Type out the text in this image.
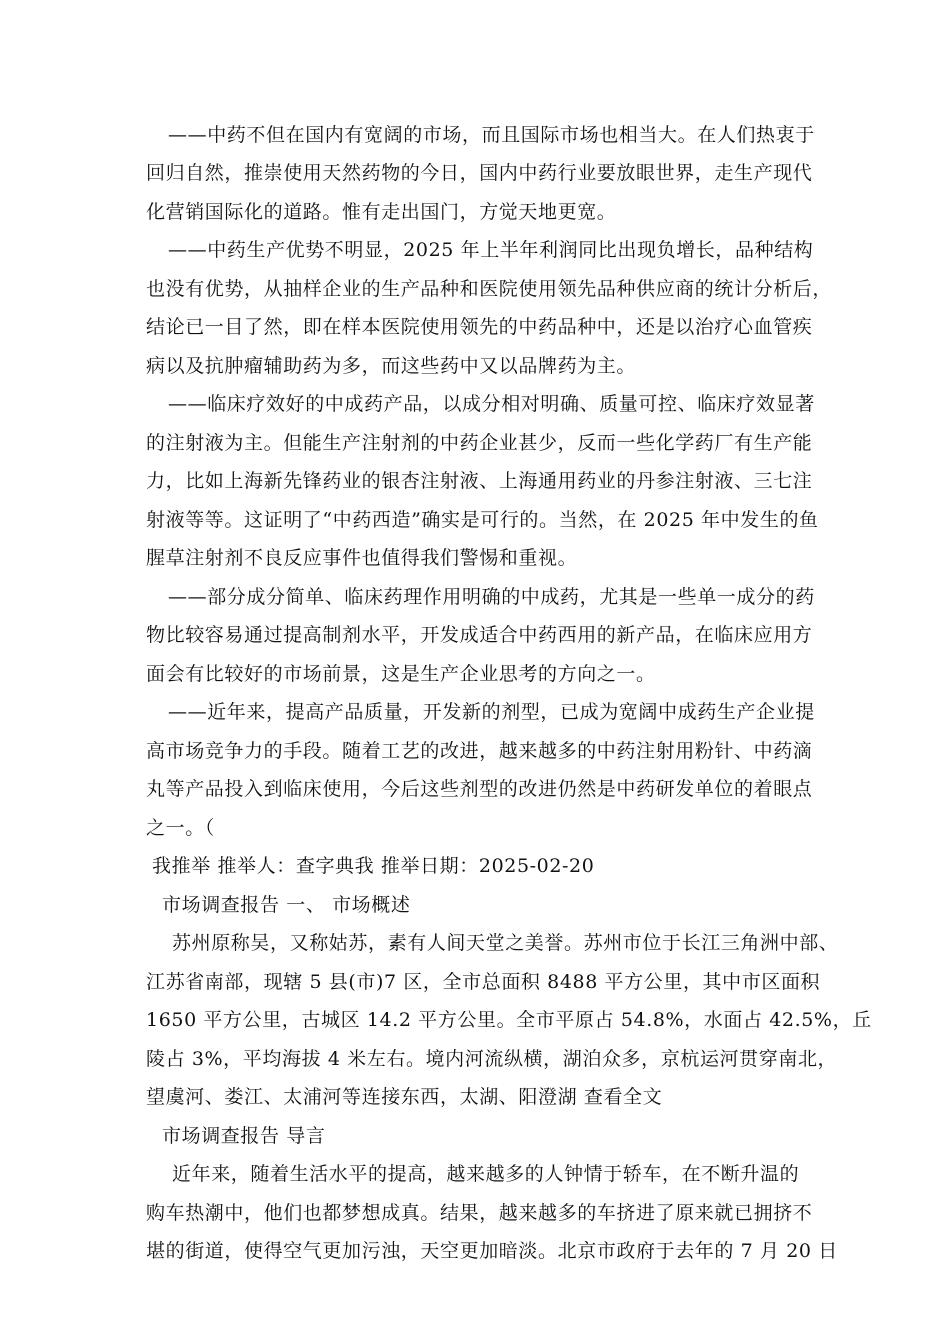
——中药不但在国内有宽阔的市场，而且国际市场也相当大。在人们热衷于
回归自然，推崇使用天然药物的今日，国内中药行业要放眼世界，走生产现代
化营销国际化的道路。惟有走出国门，方觉天地更宽。
——中药生产优势不明显，2025 年上半年利润同比出现负增长，品种结构
也没有优势，从抽样企业的生产品种和医院使用领先品种供应商的统计分析后，
结论已一目了然，即在样本医院使用领先的中药品种中，还是以治疗心血管疾
病以及抗肿瘤辅助药为多，而这些药中又以品牌药为主。
——临床疗效好的中成药产品，以成分相对明确、质量可控、临床疗效显著
的注射液为主。但能生产注射剂的中药企业甚少，反而一些化学药厂有生产能
力，比如上海新先锋药业的银杏注射液、上海通用药业的丹参注射液、三七注
射液等等。这证明了“中药西造”确实是可行的。当然，在 2025 年中发生的鱼
腥草注射剂不良反应事件也值得我们警惕和重视。
——部分成分简单、临床药理作用明确的中成药，尤其是一些单一成分的药
物比较容易通过提高制剂水平，开发成适合中药西用的新产品，在临床应用方
面会有比较好的市场前景，这是生产企业思考的方向之一。
——近年来，提高产品质量，开发新的剂型，已成为宽阔中成药生产企业提
高市场竞争力的手段。随着工艺的改进，越来越多的中药注射用粉针、中药滴
丸等产品投入到临床使用，今后这些剂型的改进仍然是中药研发单位的着眼点
之一。（
我推举 推举人：查字典我 推举日期：2025-02-20
市场调查报告 一、 市场概述
苏州原称吴，又称姑苏，素有人间天堂之美誉。苏州市位于长江三角洲中部、
江苏省南部，现辖 5 县(市)7 区，全市总面积 8488 平方公里，其中市区面积
1650 平方公里，古城区 14.2 平方公里。全市平原占 54.8%，水面占 42.5%，丘
陵占 3%，平均海拔 4 米左右。境内河流纵横，湖泊众多，京杭运河贯穿南北，
望虞河、娄江、太浦河等连接东西，太湖、阳澄湖 查看全文
市场调查报告 导言
近年来，随着生活水平的提高，越来越多的人钟情于轿车，在不断升温的
购车热潮中，他们也都梦想成真。结果，越来越多的车挤进了原来就已拥挤不
堪的街道，使得空气更加污浊，天空更加暗淡。北京市政府于去年的 7 月 20 日
